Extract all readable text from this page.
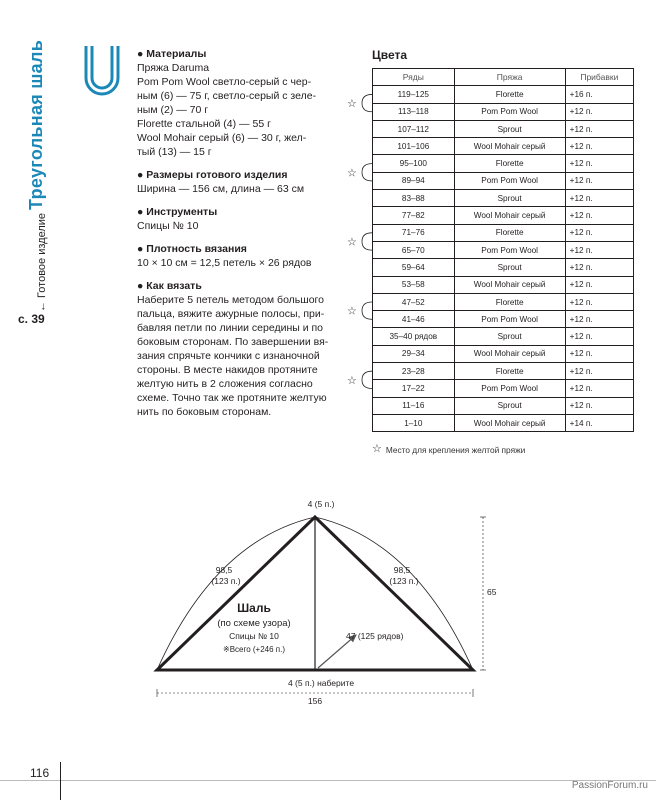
Треугольная шаль
← Готовое изделие
с. 39
● Материалы

Пряжа Daruma

Pom Pom Wool светло-серый с чер-

ным (6) — 75 г, светло-серый с зеле-

ным (2) — 70 г

Florette стальной (4) — 55 г

Wool Mohair серый (6) — 30 г, жел-

тый (13) — 15 г

● Размеры готового изделия

Ширина — 156 см, длина — 63 см

● Инструменты

Спицы № 10

● Плотность вязания

10 × 10 см = 12,5 петель × 26 рядов

● Как вязать

Наберите 5 петель методом большого

пальца, вяжите ажурные полосы, при-

бавляя петли по линии середины и по

боковым сторонам. По завершении вя-

зания спрячьте кончики с изнаночной

стороны. В месте накидов протяните

желтую нить в 2 сложения согласно

схеме. Точно так же протяните желтую

нить по боковым сторонам.

Цвета
Ряды	Пряжа	Прибавки
119–125	Florette	+16 п.
113–118	Pom Pom Wool	+12 п.
107–112	Sprout	+12 п.
101–106	Wool Mohair серый	+12 п.
95–100	Florette	+12 п.
89–94	Pom Pom Wool	+12 п.
83–88	Sprout	+12 п.
77–82	Wool Mohair серый	+12 п.
71–76	Florette	+12 п.
65–70	Pom Pom Wool	+12 п.
59–64	Sprout	+12 п.
53–58	Wool Mohair серый	+12 п.
47–52	Florette	+12 п.
41–46	Pom Pom Wool	+12 п.
35–40 рядов	Sprout	+12 п.
29–34	Wool Mohair серый	+12 п.
23–28	Florette	+12 п.
17–22	Pom Pom Wool	+12 п.
11–16	Sprout	+12 п.
1–10	Wool Mohair серый	+14 п.
☆
☆
☆
☆
☆
☆ Место для крепления желтой пряжи
4 (5 п.)
98,5
(123 п.)
98,5
(123 п.)
65
Шаль
(по схеме узора)
Спицы № 10
※Всего (+246 п.)
47 (125 рядов)
4 (5 п.) наберите
156
116
PassionForum.ru
